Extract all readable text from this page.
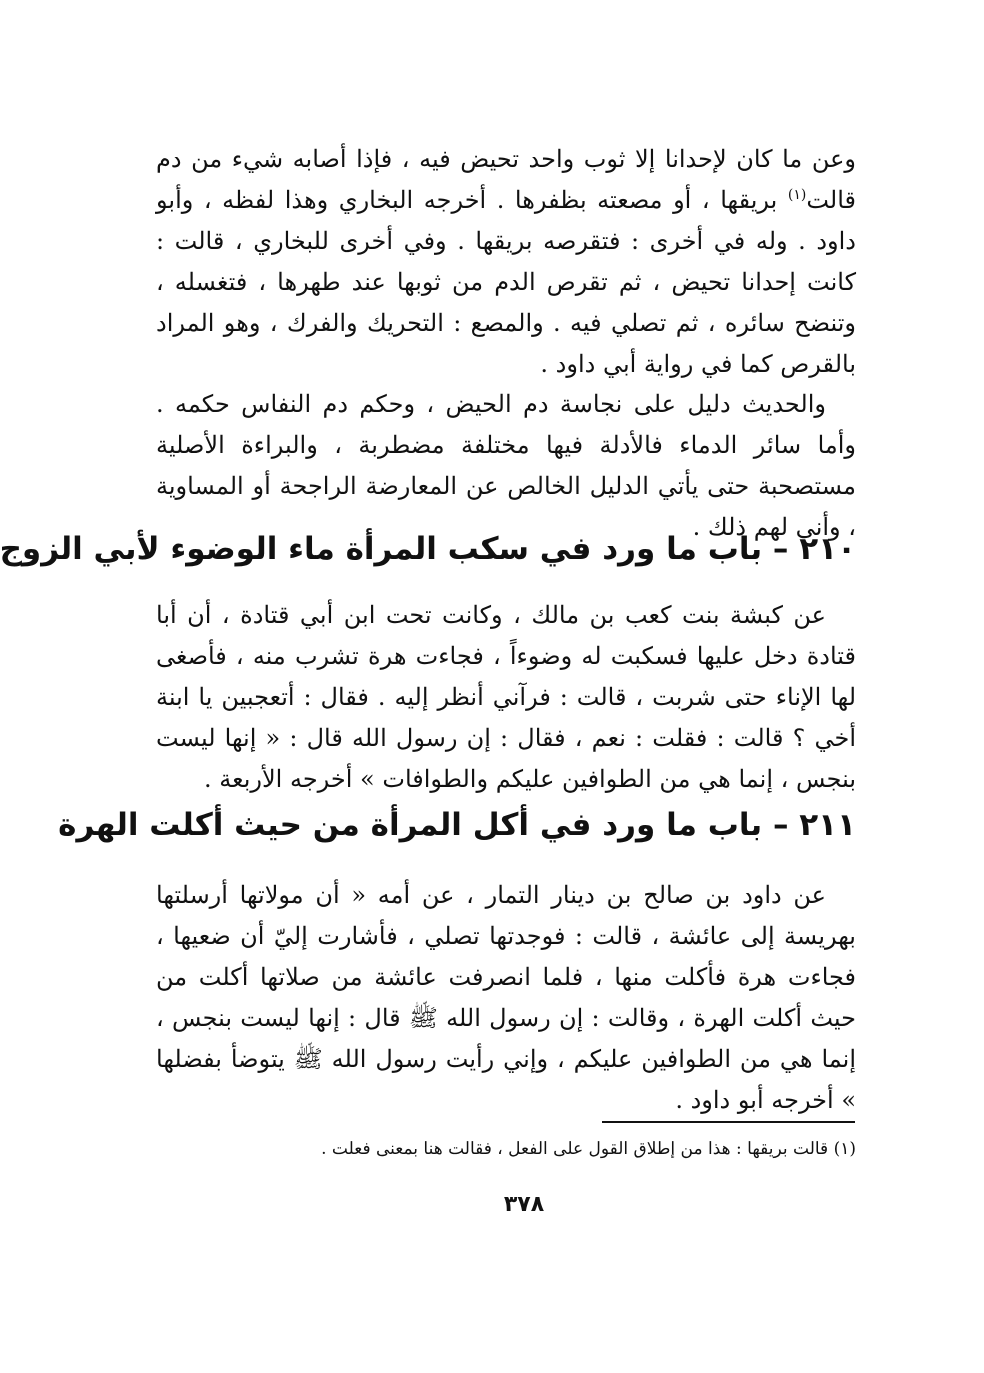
وعن ما كان لإحدانا إلا ثوب واحد تحيض فيه ، فإذا أصابه شيء من دم قالت$^{(١)}$ بريقها ، أو مصعته بظفرها . أخرجه البخاري وهذا لفظه ، وأبو داود . وله في أخرى : فتقرصه بريقها . وفي أخرى للبخاري ، قالت : كانت إحدانا تحيض ، ثم تقرص الدم من ثوبها عند طهرها ، فتغسله ، وتنضح سائره ، ثم تصلي فيه . والمصع : التحريك والفرك ، وهو المراد بالقرص كما في رواية أبي داود .

والحديث دليل على نجاسة دم الحيض ، وحكم دم النفاس حكمه . وأما سائر الدماء فالأدلة فيها مختلفة مضطربة ، والبراءة الأصلية مستصحبة حتى يأتي الدليل الخالص عن المعارضة الراجحة أو المساوية ، وأنى لهم ذلك .

٢١٠ – باب ما ورد في سكب المرأة ماء الوضوء لأبي الزوج

عن كبشة بنت كعب بن مالك ، وكانت تحت ابن أبي قتادة ، أن أبا قتادة دخل عليها فسكبت له وضوءاً ، فجاءت هرة تشرب منه ، فأصغى لها الإناء حتى شربت ، قالت : فرآني أنظر إليه . فقال : أتعجبين يا ابنة أخي ؟ قالت : فقلت : نعم ، فقال : إن رسول الله قال : « إنها ليست بنجس ، إنما هي من الطوافين عليكم والطوافات » أخرجه الأربعة .

٢١١ – باب ما ورد في أكل المرأة من حيث أكلت الهرة

عن داود بن صالح بن دينار التمار ، عن أمه « أن مولاتها أرسلتها بهريسة إلى عائشة ، قالت : فوجدتها تصلي ، فأشارت إليّ أن ضعيها ، فجاءت هرة فأكلت منها ، فلما انصرفت عائشة من صلاتها أكلت من حيث أكلت الهرة ، وقالت : إن رسول الله ﷺ قال : إنها ليست بنجس ، إنما هي من الطوافين عليكم ، وإني رأيت رسول الله ﷺ يتوضأ بفضلها » أخرجه أبو داود .

(١) قالت بريقها : هذا من إطلاق القول على الفعل ، فقالت هنا بمعنى فعلت .

٣٧٨
